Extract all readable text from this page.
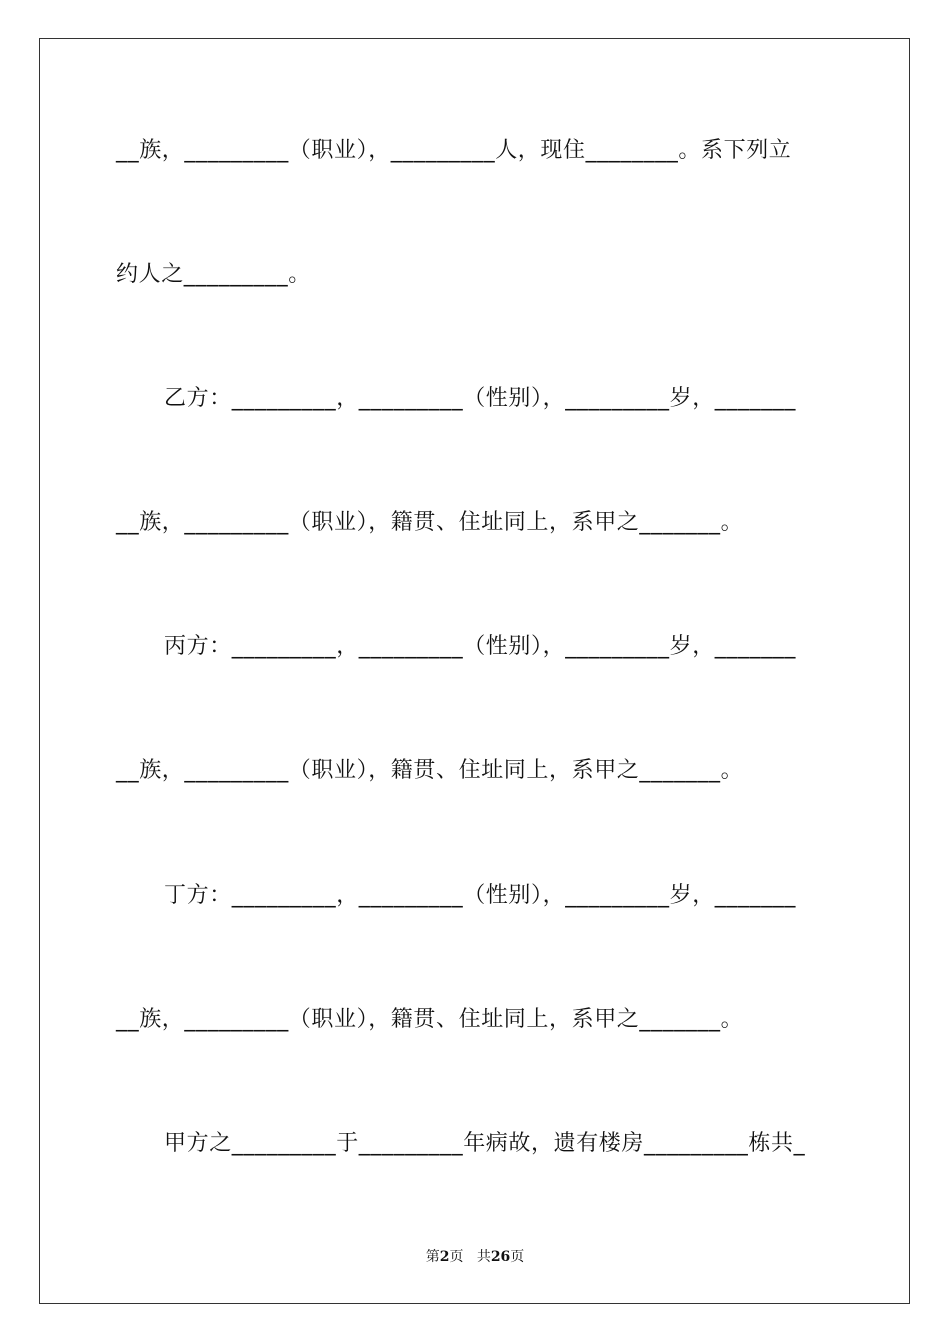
__族，_________（职业），_________人，现住________。系下列立
约人之_________。
乙方：_________，_________（性别），_________岁，_______
__族，_________（职业），籍贯、住址同上，系甲之_______。
丙方：_________，_________（性别），_________岁，_______
__族，_________（职业），籍贯、住址同上，系甲之_______。
丁方：_________，_________（性别），_________岁，_______
__族，_________（职业），籍贯、住址同上，系甲之_______。
甲方之_________于_________年病故，遗有楼房_________栋共_
第2页 共26页
